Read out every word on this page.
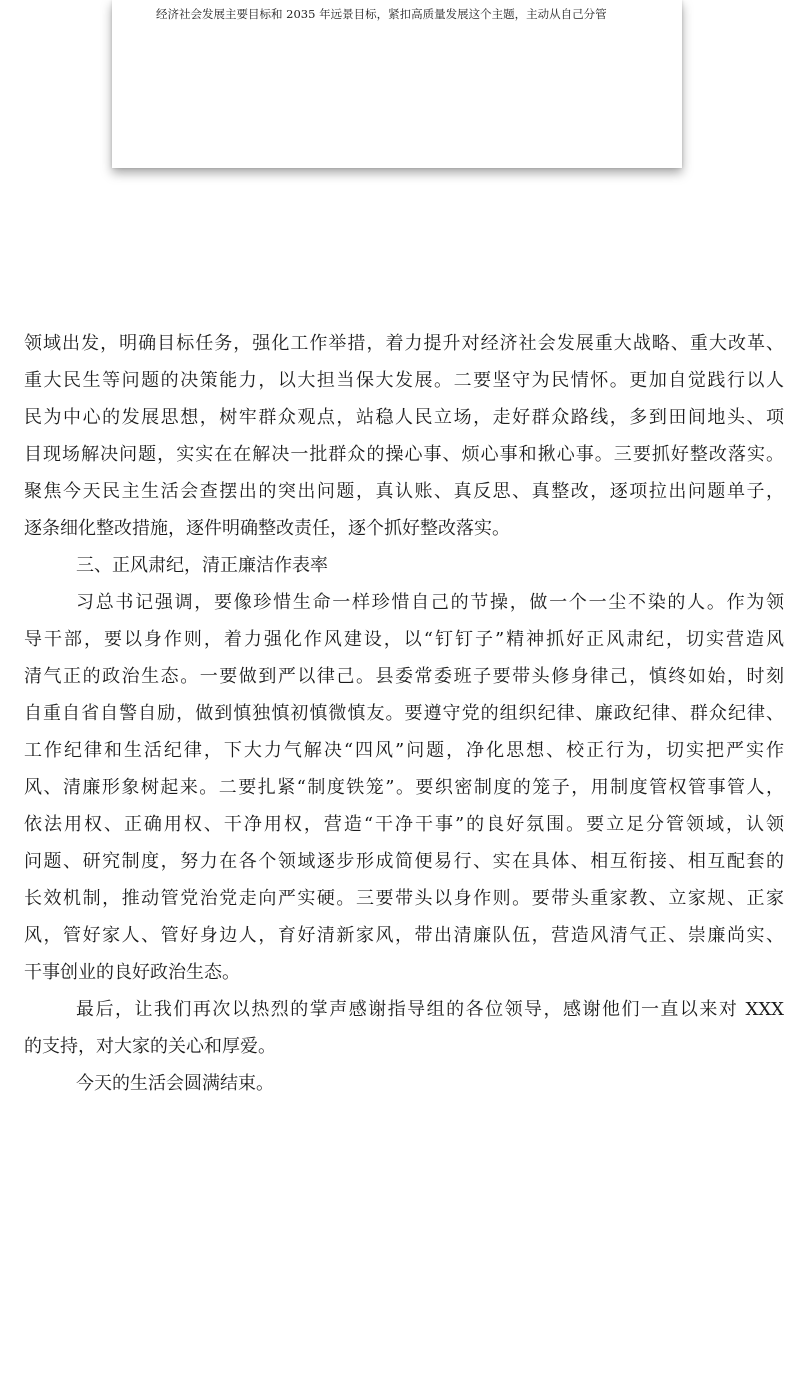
经济社会发展主要目标和 2035 年远景目标，紧扣高质量发展这个主题，主动从自己分管
领域出发，明确目标任务，强化工作举措，着力提升对经济社会发展重大战略、重大改革、
重大民生等问题的决策能力，以大担当保大发展。二要坚守为民情怀。更加自觉践行以人
民为中心的发展思想，树牢群众观点，站稳人民立场，走好群众路线，多到田间地头、项
目现场解决问题，实实在在解决一批群众的操心事、烦心事和揪心事。三要抓好整改落实。
聚焦今天民主生活会查摆出的突出问题，真认账、真反思、真整改，逐项拉出问题单子，
逐条细化整改措施，逐件明确整改责任，逐个抓好整改落实。
三、正风肃纪，清正廉洁作表率
习总书记强调，要像珍惜生命一样珍惜自己的节操，做一个一尘不染的人。作为领
导干部，要以身作则，着力强化作风建设，以“钉钉子”精神抓好正风肃纪，切实营造风
清气正的政治生态。一要做到严以律己。县委常委班子要带头修身律己，慎终如始，时刻
自重自省自警自励，做到慎独慎初慎微慎友。要遵守党的组织纪律、廉政纪律、群众纪律、
工作纪律和生活纪律，下大力气解决“四风”问题，净化思想、校正行为，切实把严实作
风、清廉形象树起来。二要扎紧“制度铁笼”。要织密制度的笼子，用制度管权管事管人，
依法用权、正确用权、干净用权，营造“干净干事”的良好氛围。要立足分管领域，认领
问题、研究制度，努力在各个领域逐步形成简便易行、实在具体、相互衔接、相互配套的
长效机制，推动管党治党走向严实硬。三要带头以身作则。要带头重家教、立家规、正家
风，管好家人、管好身边人，育好清新家风，带出清廉队伍，营造风清气正、崇廉尚实、
干事创业的良好政治生态。
最后，让我们再次以热烈的掌声感谢指导组的各位领导，感谢他们一直以来对 XXX
的支持，对大家的关心和厚爱。
今天的生活会圆满结束。
